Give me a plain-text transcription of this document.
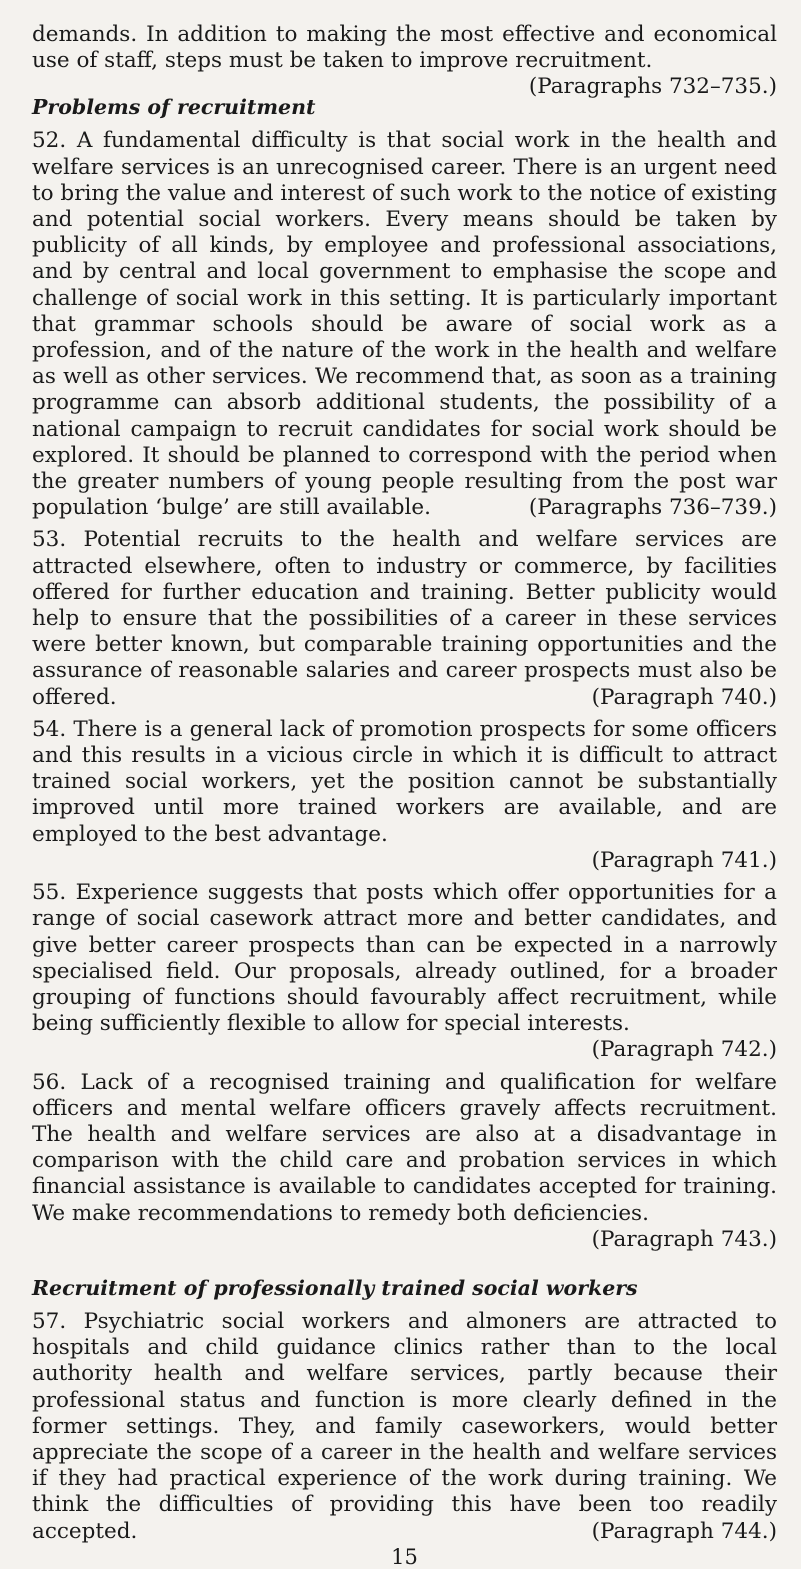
demands. In addition to making the most effective and economical use of staff, steps must be taken to improve recruitment.
(Paragraphs 732–735.)

Problems of recruitment

52. A fundamental difficulty is that social work in the health and welfare services is an unrecognised career. There is an urgent need to bring the value and interest of such work to the notice of existing and potential social workers. Every means should be taken by publicity of all kinds, by employee and professional associations, and by central and local government to emphasise the scope and challenge of social work in this setting. It is particularly important that grammar schools should be aware of social work as a profession, and of the nature of the work in the health and welfare as well as other services. We recommend that, as soon as a training programme can absorb additional students, the possibility of a national campaign to recruit candidates for social work should be explored. It should be planned to correspond with the period when the greater numbers of young people resulting from the post war population ‘bulge’ are still available.	(Paragraphs 736–739.)

53. Potential recruits to the health and welfare services are attracted elsewhere, often to industry or commerce, by facilities offered for further education and training. Better publicity would help to ensure that the possibilities of a career in these services were better known, but comparable training opportunities and the assurance of reasonable salaries and career prospects must also be offered.	(Paragraph 740.)

54. There is a general lack of promotion prospects for some officers and this results in a vicious circle in which it is difficult to attract trained social workers, yet the position cannot be substantially improved until more trained workers are available, and are employed to the best advantage.

(Paragraph 741.)

55. Experience suggests that posts which offer opportunities for a range of social casework attract more and better candidates, and give better career prospects than can be expected in a narrowly specialised field. Our proposals, already outlined, for a broader grouping of functions should favourably affect recruitment, while being sufficiently flexible to allow for special interests.

(Paragraph 742.)

56. Lack of a recognised training and qualification for welfare officers and mental welfare officers gravely affects recruitment. The health and welfare services are also at a disadvantage in comparison with the child care and probation services in which financial assistance is available to candidates accepted for training. We make recommendations to remedy both deficiencies.

(Paragraph 743.)

Recruitment of professionally trained social workers

57. Psychiatric social workers and almoners are attracted to hospitals and child guidance clinics rather than to the local authority health and welfare services, partly because their professional status and function is more clearly defined in the former settings. They, and family caseworkers, would better appreciate the scope of a career in the health and welfare services if they had practical experience of the work during training. We think the difficulties of providing this have been too readily accepted.	(Paragraph 744.)

15
